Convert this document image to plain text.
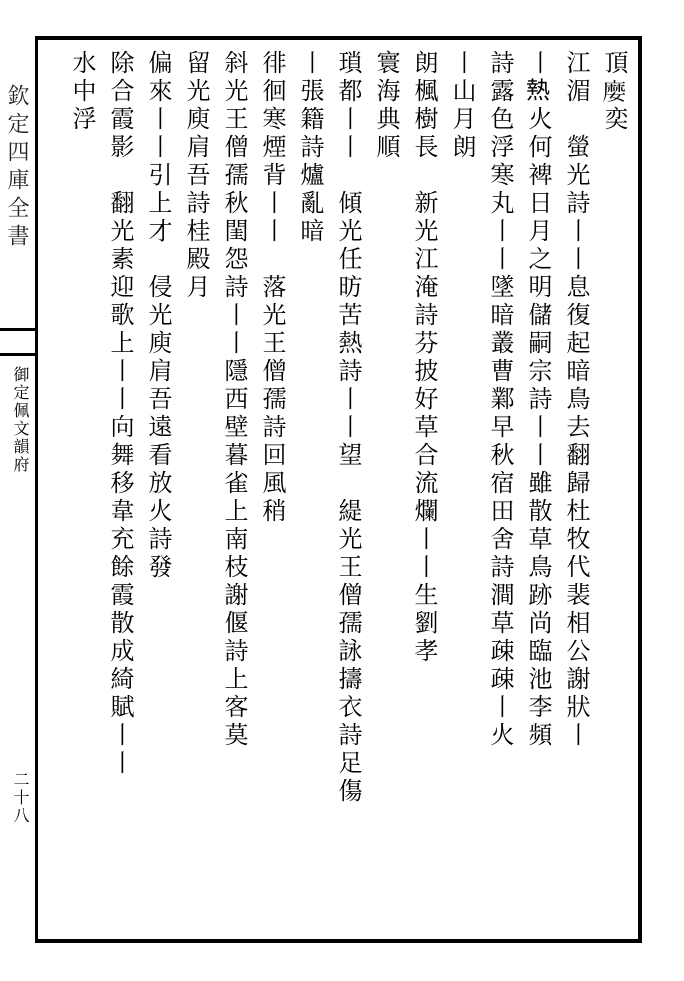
欽定四庫全書
御定佩文韻府
二十八
頂𡡉奕
江湄　螢光詩丨丨息復起暗鳥去翻歸杜牧代裴相公謝狀丨
丨𤍠火何裨日月之明儲嗣宗詩丨丨雖散草鳥跡尚臨池李頻
詩露色浮寒丸丨丨墜暗叢曹鄴早秋宿田舍詩澗草疎疎丨火
丨山月朗
朗楓樹長　新光江淹詩芬披好草合流爛丨丨生劉孝
寰海典順
瑣都丨丨　傾光任昉苦熱詩丨丨望　緹光王僧孺詠擣衣詩足傷
丨張籍詩爐亂暗
徘徊寒煙背丨丨　落光王僧孺詩回風稍
斜光王僧孺秋閨怨詩丨丨隱西壁暮雀上南枝謝偃詩上客莫
留光庾肩吾詩桂殿月
偏來丨丨引上才　侵光庾肩吾遠看放火詩發
除合霞影　翻光素迎歌上丨丨向舞移韋充餘霞散成綺賦丨丨
水中浮
